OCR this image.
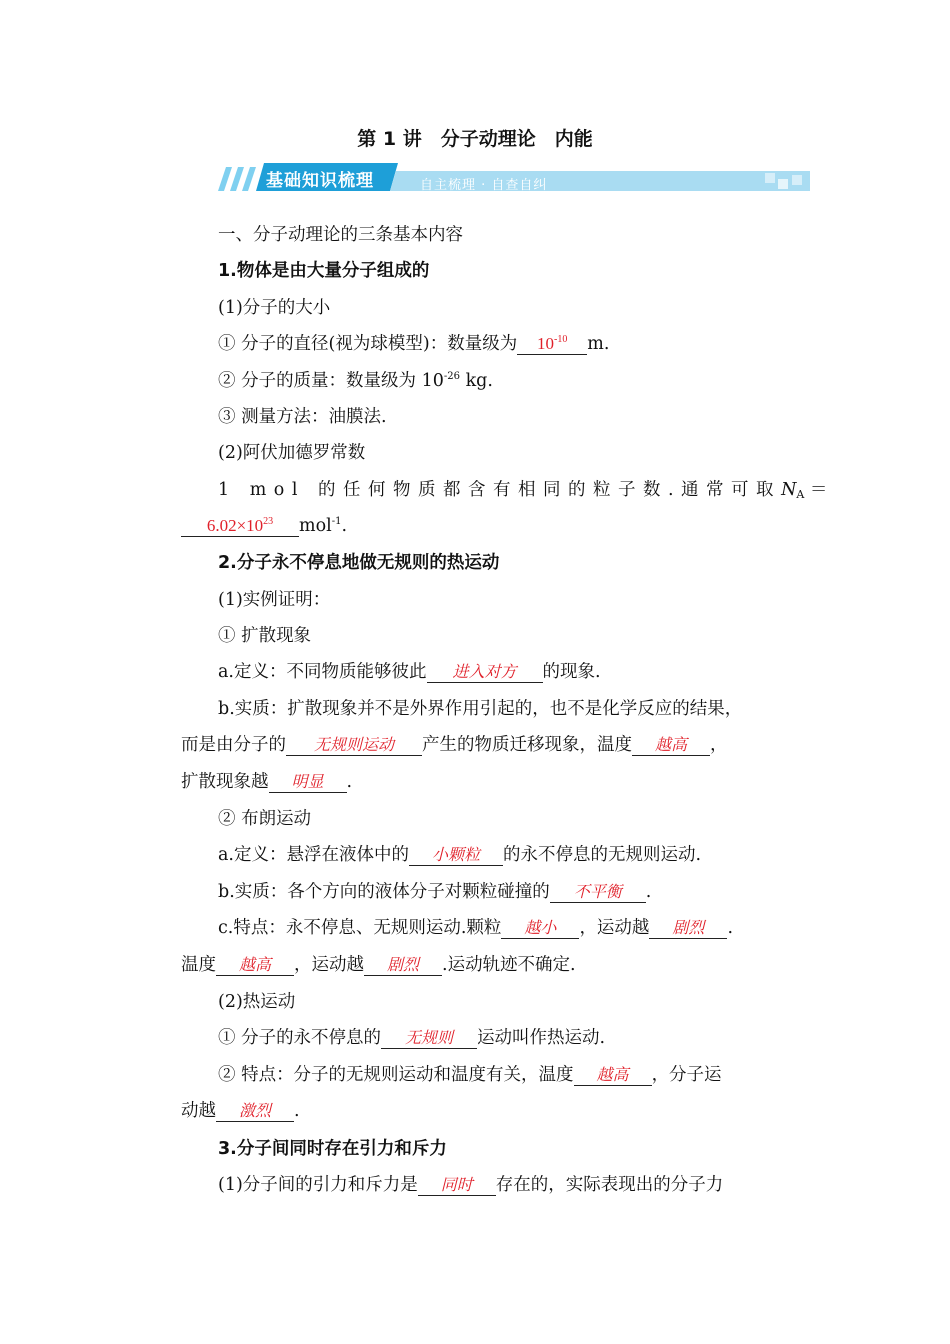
第 1 讲　分子动理论　内能
基础知识梳理	自主梳理 · 自查自纠
一、分子动理论的三条基本内容
1.物体是由大量分子组成的
(1)分子的大小
① 分子的直径(视为球模型)：数量级为 $10^{-10}$ m.
② 分子的质量：数量级为 $10^{-26}$ kg.
③ 测量方法：油膜法.
(2)阿伏加德罗常数
1 mol 的任何物质都含有相同的粒子数.通常可取$N_A$ ＝
$6.02\times 10^{23}$ mol$^{-1}$.
2.分子永不停息地做无规则的热运动
(1)实例证明：
① 扩散现象
a.定义：不同物质能够彼此 进入对方 的现象.
b.实质：扩散现象并不是外界作用引起的，也不是化学反应的结果，
而是由分子的 无规则运动 产生的物质迁移现象，温度 越高 ，
扩散现象越 明显 .
② 布朗运动
a.定义：悬浮在液体中的 小颗粒 的永不停息的无规则运动.
b.实质：各个方向的液体分子对颗粒碰撞的 不平衡 .
c.特点：永不停息、无规则运动.颗粒 越小 ，运动越 剧烈 .
温度 越高 ，运动越 剧烈 .运动轨迹不确定.
(2)热运动
① 分子的永不停息的 无规则 运动叫作热运动.
② 特点：分子的无规则运动和温度有关，温度 越高 ，分子运
动越 激烈 .
3.分子间同时存在引力和斥力
(1)分子间的引力和斥力是 同时 存在的，实际表现出的分子力
